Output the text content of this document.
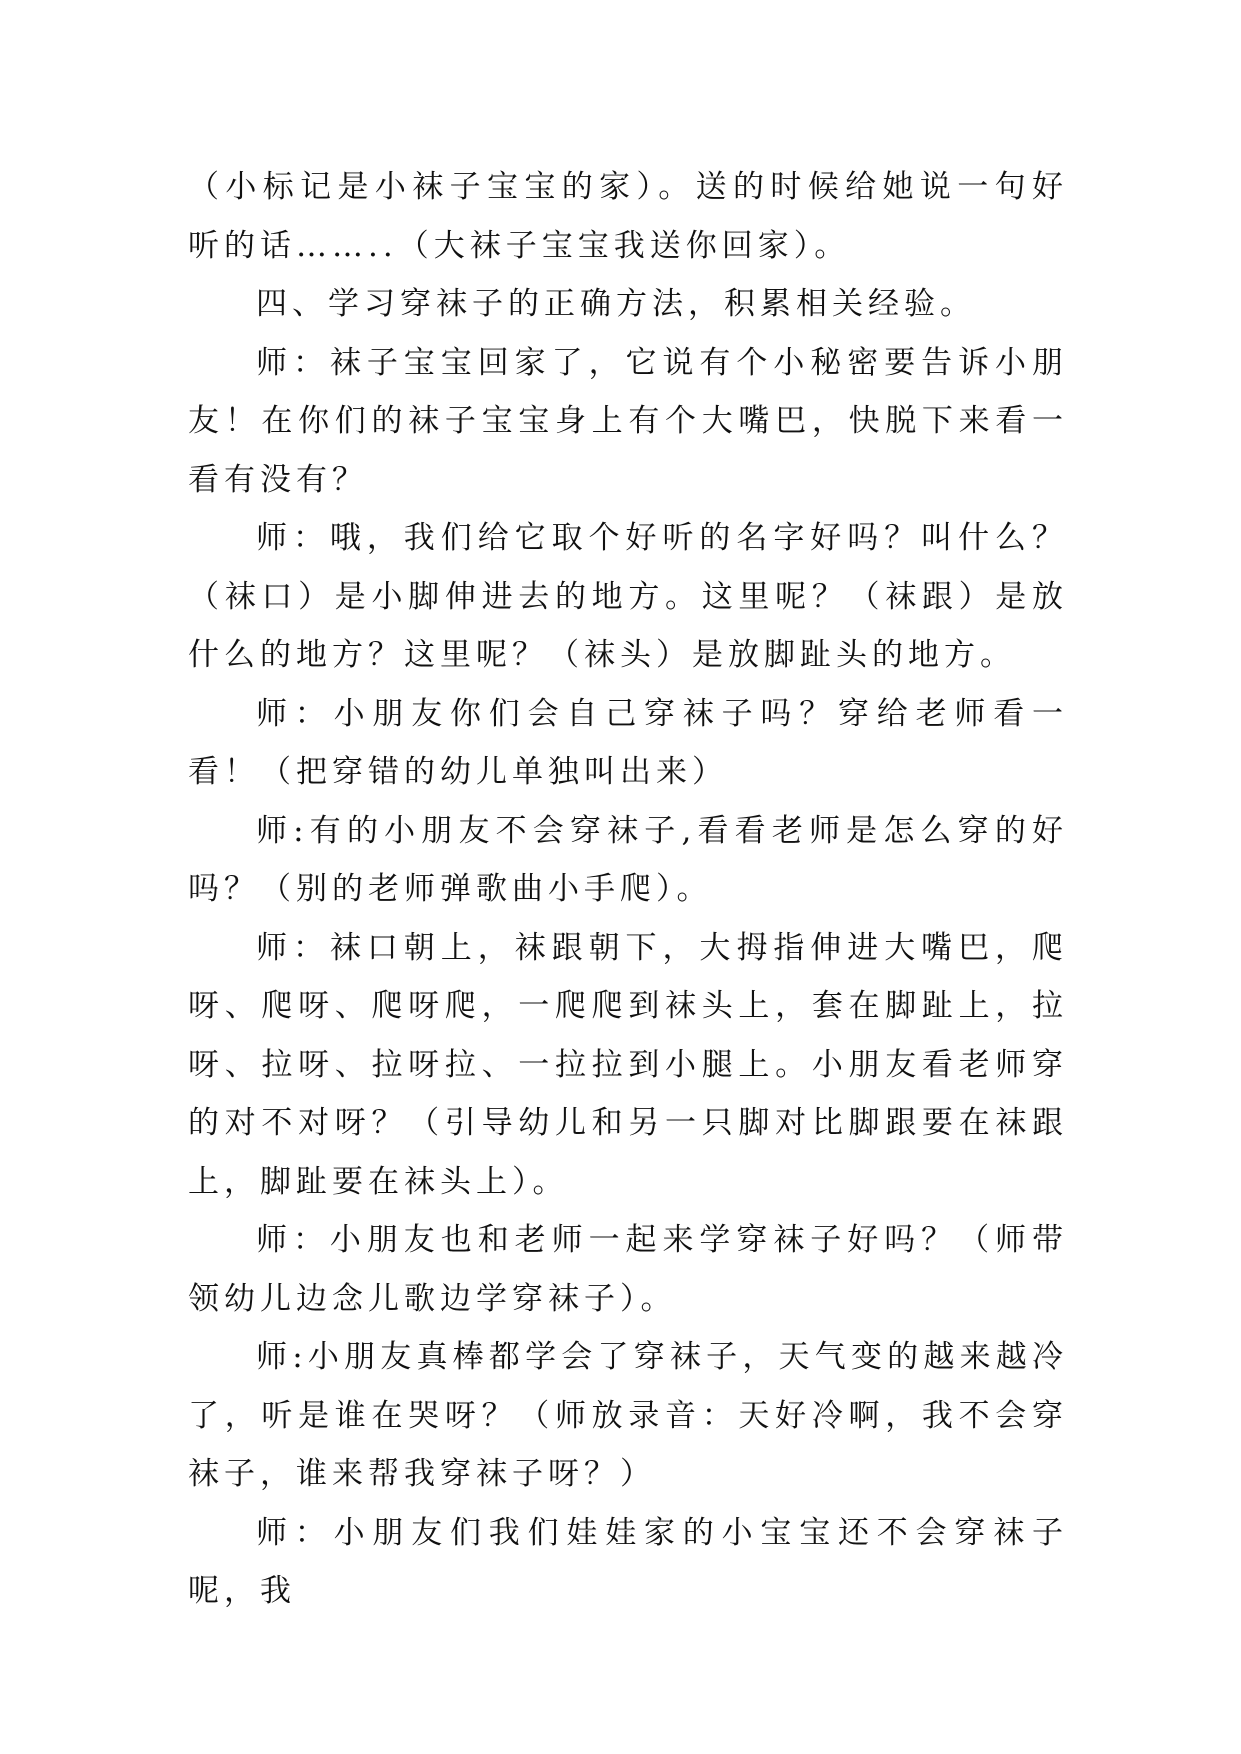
（小标记是小袜子宝宝的家）。送的时候给她说一句好听的话……..（大袜子宝宝我送你回家）。

四、学习穿袜子的正确方法，积累相关经验。

师：袜子宝宝回家了，它说有个小秘密要告诉小朋友！在你们的袜子宝宝身上有个大嘴巴，快脱下来看一看有没有？

师：哦，我们给它取个好听的名字好吗？叫什么？（袜口）是小脚伸进去的地方。这里呢？（袜跟）是放什么的地方？这里呢？（袜头）是放脚趾头的地方。

师：小朋友你们会自己穿袜子吗？穿给老师看一看！（把穿错的幼儿单独叫出来）

师:有的小朋友不会穿袜子,看看老师是怎么穿的好吗？（别的老师弹歌曲小手爬）。

师：袜口朝上，袜跟朝下，大拇指伸进大嘴巴，爬呀、爬呀、爬呀爬，一爬爬到袜头上，套在脚趾上，拉呀、拉呀、拉呀拉、一拉拉到小腿上。小朋友看老师穿的对不对呀？（引导幼儿和另一只脚对比脚跟要在袜跟上，脚趾要在袜头上）。

师：小朋友也和老师一起来学穿袜子好吗？（师带领幼儿边念儿歌边学穿袜子）。

师:小朋友真棒都学会了穿袜子，天气变的越来越冷了，听是谁在哭呀？（师放录音：天好冷啊，我不会穿袜子，谁来帮我穿袜子呀？）

师：小朋友们我们娃娃家的小宝宝还不会穿袜子呢，我
